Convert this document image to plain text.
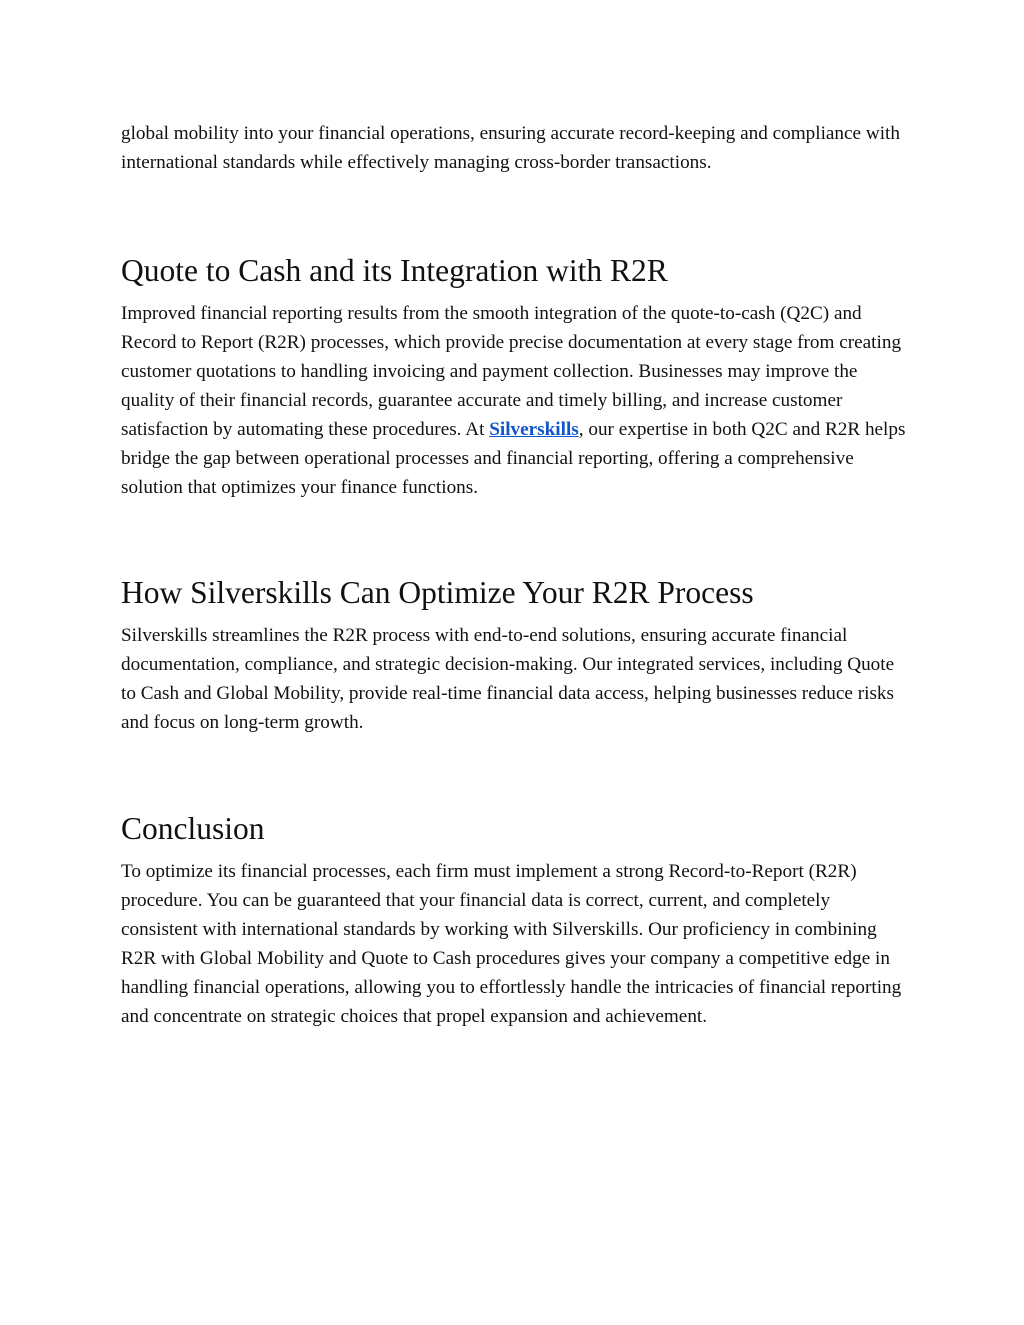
global mobility into your financial operations, ensuring accurate record-keeping and compliance with international standards while effectively managing cross-border transactions.

Quote to Cash and its Integration with R2R

Improved financial reporting results from the smooth integration of the quote-to-cash (Q2C) and Record to Report (R2R) processes, which provide precise documentation at every stage from creating customer quotations to handling invoicing and payment collection. Businesses may improve the quality of their financial records, guarantee accurate and timely billing, and increase customer satisfaction by automating these procedures. At Silverskills, our expertise in both Q2C and R2R helps bridge the gap between operational processes and financial reporting, offering a comprehensive solution that optimizes your finance functions.

How Silverskills Can Optimize Your R2R Process

Silverskills streamlines the R2R process with end-to-end solutions, ensuring accurate financial documentation, compliance, and strategic decision-making. Our integrated services, including Quote to Cash and Global Mobility, provide real-time financial data access, helping businesses reduce risks and focus on long-term growth.

Conclusion

To optimize its financial processes, each firm must implement a strong Record-to-Report (R2R) procedure. You can be guaranteed that your financial data is correct, current, and completely consistent with international standards by working with Silverskills. Our proficiency in combining R2R with Global Mobility and Quote to Cash procedures gives your company a competitive edge in handling financial operations, allowing you to effortlessly handle the intricacies of financial reporting and concentrate on strategic choices that propel expansion and achievement.
